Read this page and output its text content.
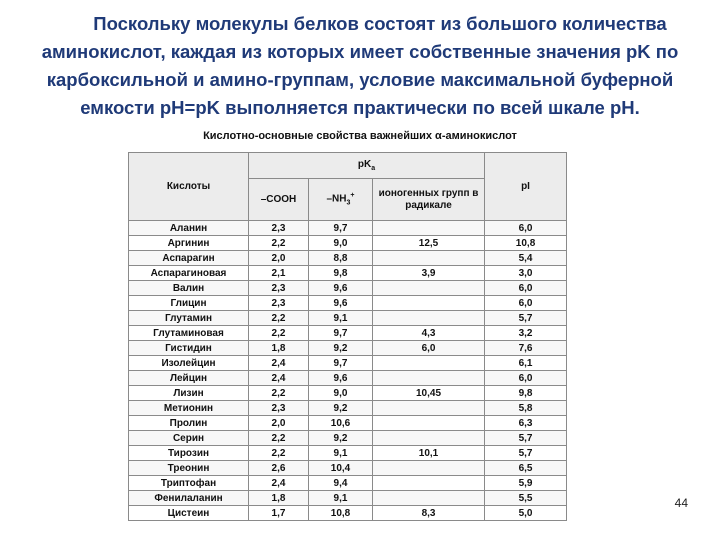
Поскольку молекулы белков состоят из большого количества

аминокислот, каждая из которых имеет собственные значения pK по

карбоксильной и амино-группам, условие максимальной буферной

емкости pH=pK выполняется практически по всей шкале pH.

Кислотно-основные свойства важнейших α-аминокислот
Кислоты	$pK_a$			pI
	–COOH	$-NH_3^+$	ионогенных групп в радикале	
Аланин	2,3	9,7		6,0
Аргинин	2,2	9,0	12,5	10,8
Аспарагин	2,0	8,8		5,4
Аспарагиновая	2,1	9,8	3,9	3,0
Валин	2,3	9,6		6,0
Глицин	2,3	9,6		6,0
Глутамин	2,2	9,1		5,7
Глутаминовая	2,2	9,7	4,3	3,2
Гистидин	1,8	9,2	6,0	7,6
Изолейцин	2,4	9,7		6,1
Лейцин	2,4	9,6		6,0
Лизин	2,2	9,0	10,45	9,8
Метионин	2,3	9,2		5,8
Пролин	2,0	10,6		6,3
Серин	2,2	9,2		5,7
Тирозин	2,2	9,1	10,1	5,7
Треонин	2,6	10,4		6,5
Триптофан	2,4	9,4		5,9
Фенилаланин	1,8	9,1		5,5
Цистеин	1,7	10,8	8,3	5,0
44
